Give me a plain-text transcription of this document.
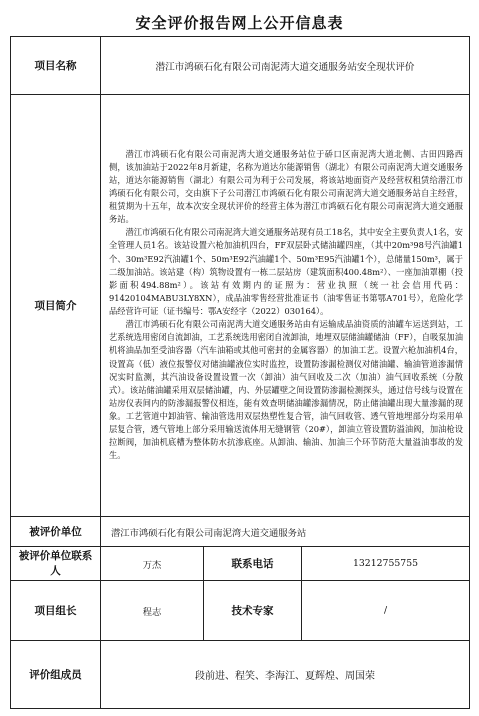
安全评价报告网上公开信息表
项目名称	潜江市鸿硕石化有限公司南泥湾大道交通服务站安全现状评价		

项目简介	潜江市鸿硕石化有限公司南泥湾大道交通服务站位于硚口区南泥湾大道北侧、古田四路西侧，该加油站于2022年8月新建，名称为道达尔能源销售（湖北）有限公司南泥湾大道交通服务站，道达尔能源销售（湖北）有限公司为利于公司发展，将该站地面资产及经营权租赁给潜江市鸿硕石化有限公司，交由旗下子公司潜江市鸿硕石化有限公司南泥湾大道交通服务站自主经营，租赁期为十五年，故本次安全现状评价的经营主体为潜江市鸿硕石化有限公司南泥湾大道交通服务站。

潜江市鸿硕石化有限公司南泥湾大道交通服务站现有员工18名，其中安全主要负责人1名，安全管理人员1名。该站设置六枪加油机四台，FF双层卧式储油罐四座，（其中20m³98号汽油罐1个、30m³E92汽油罐1个、50m³E92汽油罐1个、50m³E95汽油罐1个），总储量150m³，属于二级加油站。该站建（构）筑物设置有一栋二层站房（建筑面积400.48m²）、一座加油罩棚（投影面积494.88m²）。该站有效期内的证照为：营业执照（统一社会信用代码：91420104MABU3LY8XN），成品油零售经营批准证书（油零售证书第鄂A701号），危险化学品经营许可证（证书编号：鄂A安经字（2022）030164）。

潜江市鸿硕石化有限公司南泥湾大道交通服务站由有运输成品油资质的油罐车运送到站，工艺系统选用密闭自流卸油，工艺系统选用密闭自流卸油，地埋双层储油罐储油（FF），自吸泵加油机将油品加至受油容器（汽车油箱或其他可密封的金属容器）的加油工艺。设置六枪加油机4台，设置高（低）液位报警仪对储油罐液位实时监控，设置防渗漏检测仪对储油罐、输油管道渗漏情况实时监测，其汽油设备设置设置一次（卸油）油气回收及二次（加油）油气回收系统（分散式）。该站储油罐采用双层储油罐，内、外层罐壁之间设置防渗漏检测探头，通过信号线与设置在站房仪表间内的防渗漏报警仪相连，能有效查明储油罐渗漏情况，防止储油罐出现大量渗漏的现象。工艺管道中卸油管、输油管选用双层热塑性复合管，油气回收管、透气管地埋部分均采用单层复合管，透气管地上部分采用输送流体用无缝钢管（20#），卸油立管设置防溢油阀，加油枪设拉断阀，加油机底槽为整体防水抗渗底座。从卸油、输油、加油三个环节防范大量溢油事故的发生。		

被评价单位	潜江市鸿硕石化有限公司南泥湾大道交通服务站		

被评价单位联系人	万杰	联系电话	13212755755

项目组长	程志	技术专家	/

评价组成员	段前进、程笑、李海江、夏辉煌、周国荣		
